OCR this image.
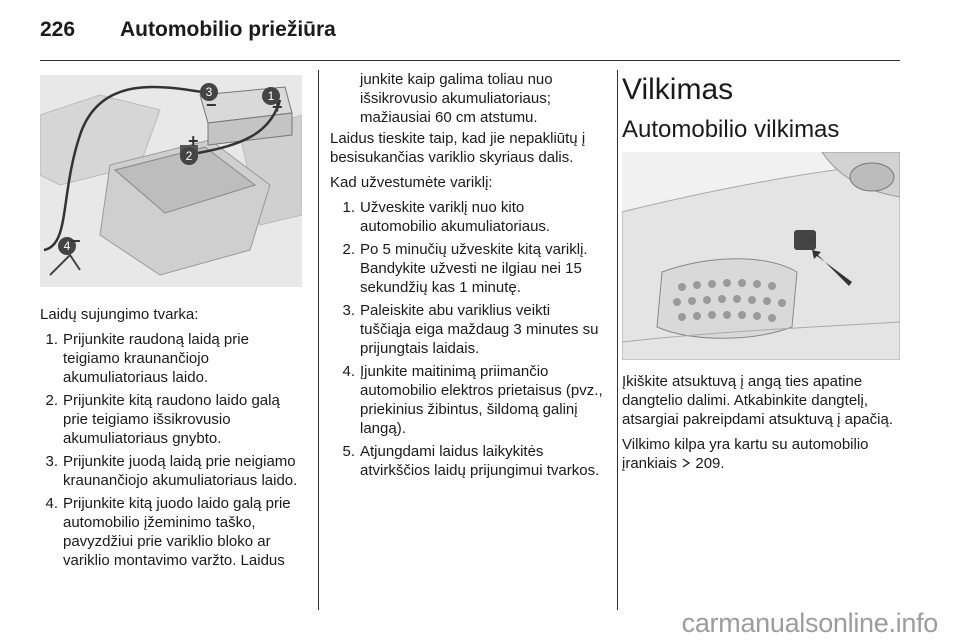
226 Automobilio priežiūra
1
2
3
4
+
+
−
−

Laidų sujungimo tvarka:

1. Prijunkite raudoną laidą prie teigiamo kraunančiojo akumuliatoriaus laido.
2. Prijunkite kitą raudono laido galą prie teigiamo išsikrovusio akumuliatoriaus gnybto.
3. Prijunkite juodą laidą prie neigiamo kraunančiojo akumuliatoriaus laido.
4. Prijunkite kitą juodo laido galą prie automobilio įžeminimo taško, pavyzdžiui prie variklio bloko ar variklio montavimo varžto. Laidus

junkite kaip galima toliau nuo išsikrovusio akumuliatoriaus; mažiausiai 60 cm atstumu.

Laidus tieskite taip, kad jie nepakliūtų į besisukančias variklio skyriaus dalis.

Kad užvestumėte variklį:

1. Užveskite variklį nuo kito automobilio akumuliatoriaus.
2. Po 5 minučių užveskite kitą variklį. Bandykite užvesti ne ilgiau nei 15 sekundžių kas 1 minutę.
3. Paleiskite abu variklius veikti tuščiąja eiga maždaug 3 minutes su prijungtais laidais.
4. Įjunkite maitinimą priimančio automobilio elektros prietaisus (pvz., priekinius žibintus, šildomą galinį langą).
5. Atjungdami laidus laikykitės atvirkščios laidų prijungimui tvarkos.
Vilkimas
Automobilio vilkimas

Įkiškite atsuktuvą į angą ties apatine dangtelio dalimi. Atkabinkite dangtelį, atsargiai pakreipdami atsuktuvą į apačią.

Vilkimo kilpa yra kartu su automobilio įrankiais 209.

carmanualsonline.info
